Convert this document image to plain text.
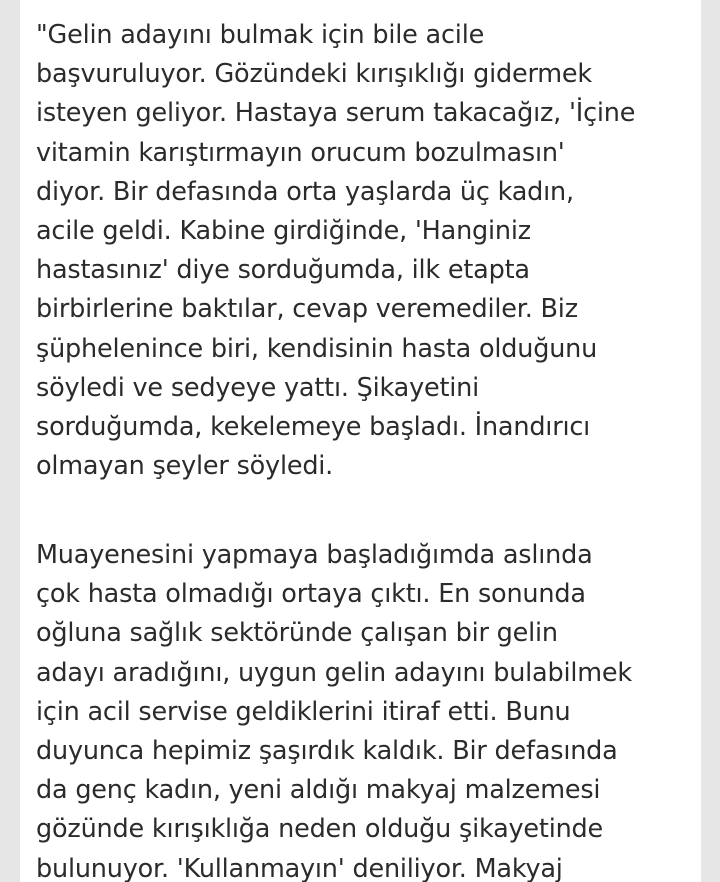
"Gelin adayını bulmak için bile acile
başvuruluyor. Gözündeki kırışıklığı gidermek
isteyen geliyor. Hastaya serum takacağız, 'İçine
vitamin karıştırmayın orucum bozulmasın'
diyor. Bir defasında orta yaşlarda üç kadın,
acile geldi. Kabine girdiğinde, 'Hanginiz
hastasınız' diye sorduğumda, ilk etapta
birbirlerine baktılar, cevap veremediler. Biz
şüphelenince biri, kendisinin hasta olduğunu
söyledi ve sedyeye yattı. Şikayetini
sorduğumda, kekelemeye başladı. İnandırıcı
olmayan şeyler söyledi.
Muayenesini yapmaya başladığımda aslında
çok hasta olmadığı ortaya çıktı. En sonunda
oğluna sağlık sektöründe çalışan bir gelin
adayı aradığını, uygun gelin adayını bulabilmek
için acil servise geldiklerini itiraf etti. Bunu
duyunca hepimiz şaşırdık kaldık. Bir defasında
da genç kadın, yeni aldığı makyaj malzemesi
gözünde kırışıklığa neden olduğu şikayetinde
bulunuyor. 'Kullanmayın' deniliyor. Makyaj
